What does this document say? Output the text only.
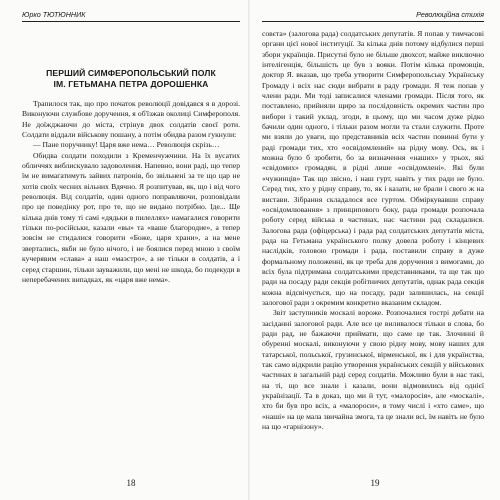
Юрко ТЮТЮННИК
ПЕРШИЙ СИМФЕРОПОЛЬСЬКИЙ ПОЛК
ІМ. ГЕТЬМАНА ПЕТРА ДОРОШЕНКА

Трапилося так, що про початок революції довідався я в дорозі. Виконуючи службове доручення, я об'їзжав околиці Симферополя. Не доїжджаючи до міста, стрінув двох солдатів своєї роти. Солдати віддали військову пошану, а потім обидва разом гукнули:

— Пане поручнику! Царя вже нема… Революція скрізь…

Обидва солдати походили з Кременчужчини. На їх вусатих обличчях виблискувало задоволення. Напевно, вони раді, що тепер їм не вимагатимуть зайвих патронів, бо звільнені за те що цар не хотів своїх чесних вільних Вдячно. Я розпитував, як, що і від чого революція. Від солдатів, один одного поправляючи, розповідали про це поведінку рот, про те, що не видано потрібно. Іде... Ще кілька днів тому ті самі «дядьки в пилеллях» намагалися говорити тільки по-російськи, казали «вы» та «ваше благородие», а тепер зовсім не стидалися говорити «Боже, царя храни», а на мене звертались, якби не було нічого, і не боялися перед мною з своїм кучерявим «слава» а наш «маэстро», а не тільки в солдатів, а і серед старшин, тільки зауважили, що мені не шкода, бо подекуди в неперебачених випадках, як «царя вже нема».

18
Революційна стихія

совєта» (залогова рада) солдатських депутатів. Я попав у тимчасові органи цієї нової інституції. За кілька днів потому відбулися перші збори українців. Присутні було не більше двохсот, майже виключно інтелігенція, більшість це був з вояки. Потім кілька промовців, доктор Я. вказав, що треба утворити Симферопольську Українську Громаду і всіх нас сюди вибрати в раду громади. Я теж попав у члени ради. Ми тоді записалися членами громади. Після того, як поставлено, прийняли щиро за послідовність окремих частин про вибори і такий уклад, згоди, в цьому, що ми часом дуже рідко бачили один одного, і тільки разом могли та стали служити. Проте ми взяли до уваги, що представників всіх частин повинні бути у раді громади тих, хто «освідомлений» на рідну мову. Ось, як і можна було б зробити, бо за визначення «наших» у трьох, які «свідомих» громадян, в рідні лише «освідомлені». Які були «чужинців» Так що звісно, і наш гурт, навіть у тих ради не було. Серед тих, хто у рідну справу, то, як і казати, не брали і свого ж на вистави. Зібрання складалося все гуртом. Обміркувавши справу «освідомлювання» з принципового боку, рада громади розпочала роботу серед війська в частинах, нас частини рад складалися. Залогова рада (офіцерська) і рада рад солдатських депутатів міста, рада на Гетьмана українського полку довела роботу і кінцевих наслідків, головою громади і рада, поставили справу в дуже формальному положенні, як це треба для доручення з вимогами, до всіх була підтримана солдатськими представниками, та ще так що ради на посаду ради секція робітничих депутатів, однак рада секція кожна відсвічується, що на посаду, ради залишилась, на секції залогової ради з окремим конкретно вказаним складом.

Звіт заступників москалі вороже. Розпочалися гострі дебати на засіданні залогової ради. Але все це виливалося тільки в слова, бо ради рад, не бажаючи приймати, що саме це так. Злочинні й обуренні москалі, виконуючи у свою рідну мову, мову наших для татарської, польської, грузинської, вірменської, як і для українства, так само відкрили рацію утворення українських секцій у військових частинах в загальній раді серед солдатів. Можливо були в нас такі, на ті, що все знали і казали, вони відмовились від однієї українізації. Та в доказ, що ми й тут, «малоросія», але «москалі», хто би був про всіх, а «малороси», в тому числі і «хто саме», що «наші» на це мала звичайна змога, та це знали всі, їм навіть не було на що «гарнізону».

19
